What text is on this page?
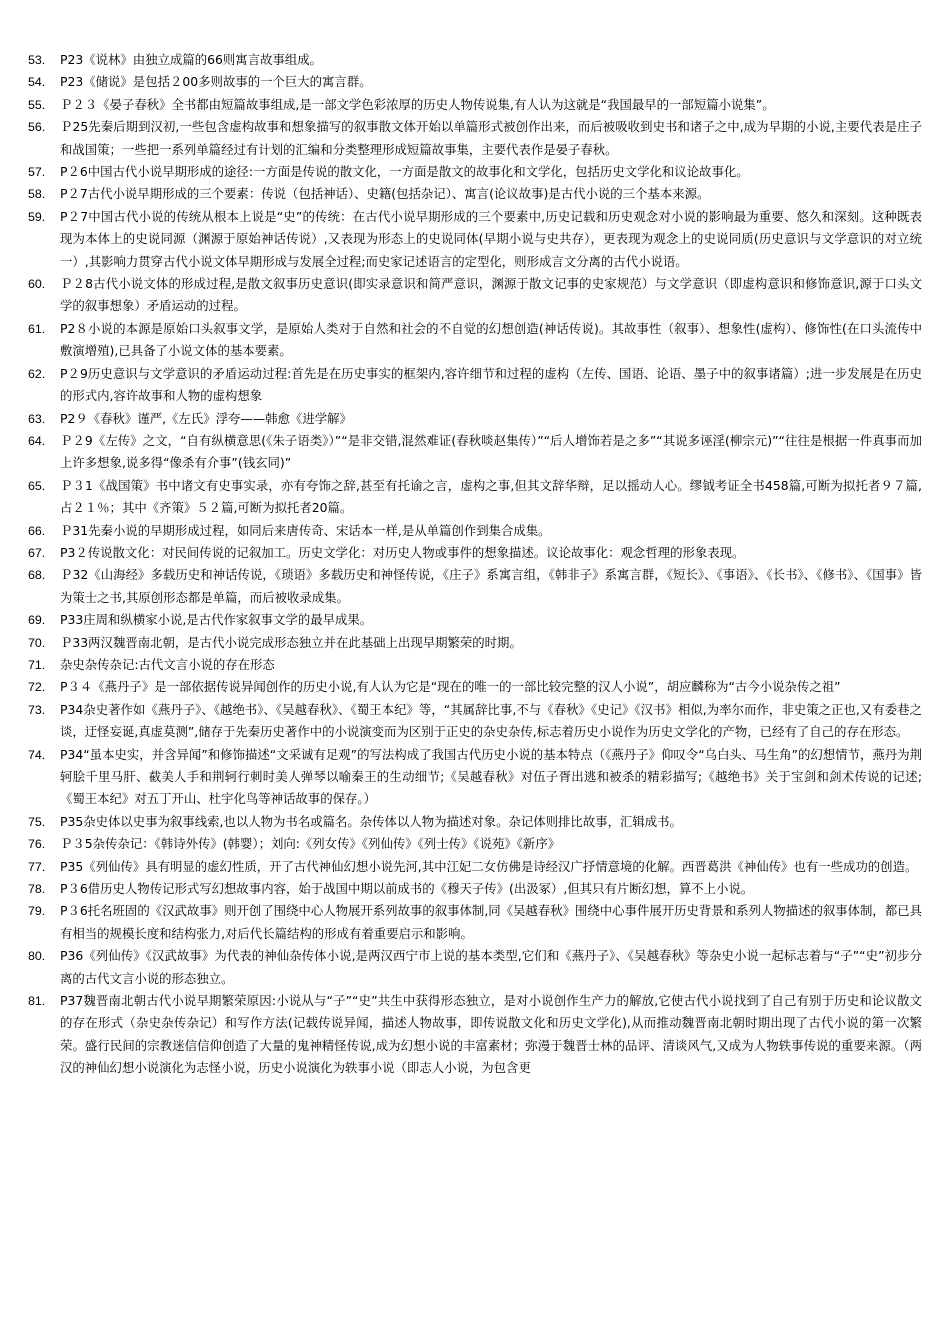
53.	P23《说林》由独立成篇的66则寓言故事组成。
54.	P23《储说》是包括２00多则故事的一个巨大的寓言群。
55.	Ｐ２３《晏子春秋》全书都由短篇故事组成,是一部文学色彩浓厚的历史人物传说集,有人认为这就是“我国最早的一部短篇小说集”。
56.	Ｐ25先秦后期到汉初,一些包含虚构故事和想象描写的叙事散文体开始以单篇形式被创作出来，而后被吸收到史书和诸子之中,成为早期的小说,主要代表是庄子和战国策；一些把一系列单篇经过有计划的汇编和分类整理形成短篇故事集，主要代表作是晏子春秋。
57.	P２6中国古代小说早期形成的途径:一方面是传说的散文化，一方面是散文的故事化和文学化，包括历史文学化和议论故事化。
58.	P２7古代小说早期形成的三个要素：传说（包括神话）、史籍(包括杂记）、寓言(论议故事)是古代小说的三个基本来源。
59.	P２7中国古代小说的传统从根本上说是“史”的传统：在古代小说早期形成的三个要素中,历史记载和历史观念对小说的影响最为重要、悠久和深刻。这种既表现为本体上的史说同源（渊源于原始神话传说）,又表现为形态上的史说同体(早期小说与史共存），更表现为观念上的史说同质(历史意识与文学意识的对立统一）,其影响力贯穿古代小说文体早期形成与发展全过程;而史家记述语言的定型化，则形成言文分离的古代小说语。
60.	Ｐ２8古代小说文体的形成过程,是散文叙事历史意识(即实录意识和简严意识，渊源于散文记事的史家规范）与文学意识（即虚构意识和修饰意识,源于口头文学的叙事想象）矛盾运动的过程。
61.	P2８小说的本源是原始口头叙事文学，是原始人类对于自然和社会的不自觉的幻想创造(神话传说)。其故事性（叙事）、想象性(虚构）、修饰性(在口头流传中敷演增殖),已具备了小说文体的基本要素。
62.	P２9历史意识与文学意识的矛盾运动过程:首先是在历史事实的框架内,容许细节和过程的虚构（左传、国语、论语、墨子中的叙事诸篇）;进一步发展是在历史的形式内,容许故事和人物的虚构想象
63.	P2９《春秋》谨严,《左氏》浮夸——韩愈《进学解》
64.	Ｐ２9《左传》之文，“自有纵横意思(《朱子语类》）”“是非交错,混然难证(春秋啖赵集传）”“后人增饰若是之多”“其说多诬淫(柳宗元)”“往往是根据一件真事而加上许多想象,说多得“像杀有介事”(钱玄同)”
65.	Ｐ３1《战国策》书中诸文有史事实录，亦有夸饰之辞,甚至有托谕之言，虚构之事,但其文辞华辩，足以摇动人心。缪钺考证全书458篇,可断为拟托者９７篇,占２１％；其中《齐策》５２篇,可断为拟托者20篇。
66.	Ｐ31先秦小说的早期形成过程，如同后来唐传奇、宋话本一样,是从单篇创作到集合成集。
67.	P3２传说散文化：对民间传说的记叙加工。历史文学化：对历史人物或事件的想象描述。议论故事化：观念哲理的形象表现。
68.	Ｐ32《山海经》多载历史和神话传说，《琐语》多载历史和神怪传说，《庄子》系寓言组，《韩非子》系寓言群，《短长》、《事语》、《长书》、《修书》、《国事》皆为策士之书,其原创形态都是单篇，而后被收录成集。
69.	P33庄周和纵横家小说,是古代作家叙事文学的最早成果。
70.	Ｐ33两汉魏晋南北朝，是古代小说完成形态独立并在此基础上出现早期繁荣的时期。
71.	杂史杂传杂记:古代文言小说的存在形态
72.	P３４《燕丹子》是一部依据传说异闻创作的历史小说,有人认为它是“现在的唯一的一部比较完整的汉人小说”，胡应麟称为“古今小说杂传之祖”
73.	P34杂史著作如《燕丹子》、《越绝书》、《吴越春秋》、《蜀王本纪》等，“其属辞比事,不与《春秋》《史记》《汉书》相似,为率尔而作，非史策之正也,又有委巷之谈，迂怪妄诞,真虚莫测”,储存于先秦历史著作中的小说演变而为区别于正史的杂史杂传,标志着历史小说作为历史文学化的产物，已经有了自己的存在形态。
74.	P34“虽本史实，并含异闻”和修饰描述“文采诚有足观”的写法构成了我国古代历史小说的基本特点（《燕丹子》仰叹令“乌白头、马生角”的幻想情节，燕丹为荆轲脍千里马肝、截美人手和荆轲行刺时美人弹琴以喻秦王的生动细节;《吴越春秋》对伍子胥出逃和被杀的精彩描写;《越绝书》关于宝剑和剑术传说的记述;《蜀王本纪》对五丁开山、杜宇化鸟等神话故事的保存。）
75.	P35杂史体以史事为叙事线索,也以人物为书名或篇名。杂传体以人物为描述对象。杂记体则排比故事，汇辑成书。
76.	Ｐ３5杂传杂记：《韩诗外传》(韩婴）；刘向:《列女传》《列仙传》《列士传》《说苑》《新序》
77.	P35《列仙传》具有明显的虚幻性质，开了古代神仙幻想小说先河,其中江妃二女仿佛是诗经汉广抒情意境的化解。西晋葛洪《神仙传》也有一些成功的创造。
78.	P３6借历史人物传记形式写幻想故事内容，始于战国中期以前成书的《穆天子传》(出汲冢）,但其只有片断幻想，算不上小说。
79.	P３6托名班固的《汉武故事》则开创了围绕中心人物展开系列故事的叙事体制,同《吴越春秋》围绕中心事件展开历史背景和系列人物描述的叙事体制，都已具有相当的规模长度和结构张力,对后代长篇结构的形成有着重要启示和影响。
80.	P36《列仙传》《汉武故事》为代表的神仙杂传体小说,是两汉西宁市上说的基本类型,它们和《燕丹子》、《吴越春秋》等杂史小说一起标志着与“子”“史”初步分离的古代文言小说的形态独立。
81.	P37魏晋南北朝古代小说早期繁荣原因:小说从与“子”“史”共生中获得形态独立，是对小说创作生产力的解放,它使古代小说找到了自己有别于历史和论议散文的存在形式（杂史杂传杂记）和写作方法(记载传说异闻，描述人物故事，即传说散文化和历史文学化),从而推动魏晋南北朝时期出现了古代小说的第一次繁荣。盛行民间的宗教迷信信仰创造了大量的鬼神精怪传说,成为幻想小说的丰富素材；弥漫于魏晋士林的品评、清谈风气,又成为人物轶事传说的重要来源。（两汉的神仙幻想小说演化为志怪小说，历史小说演化为轶事小说（即志人小说，为包含更
